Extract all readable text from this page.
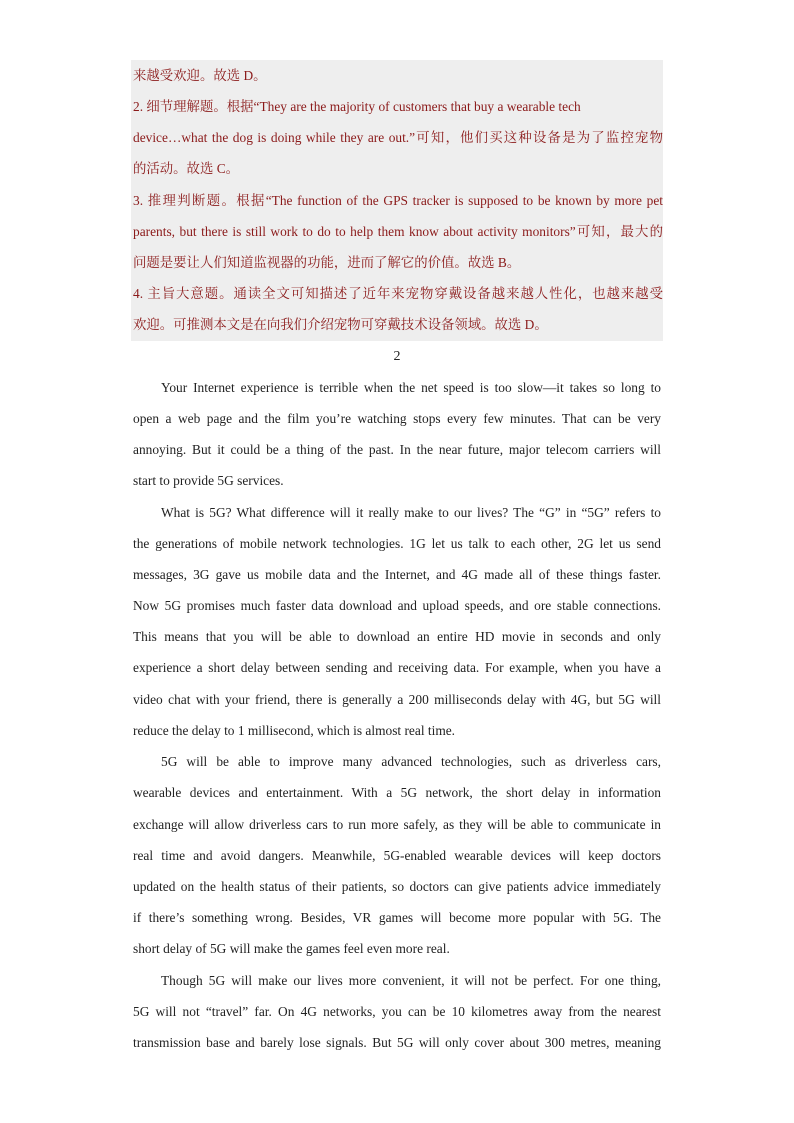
来越受欢迎。故选 D。
2. 细节理解题。根据“They are the majority of customers that buy a wearable tech
device…what the dog is doing while they are out.”可知，他们买这种设备是为了监控宠物
的活动。故选 C。
3. 推理判断题。根据“The function of the GPS tracker is supposed to be known by more pet
parents, but there is still work to do to help them know about activity monitors”可知，最大的
问题是要让人们知道监视器的功能，进而了解它的价值。故选 B。
4. 主旨大意题。通读全文可知描述了近年来宠物穿戴设备越来越人性化，也越来越受
欢迎。可推测本文是在向我们介绍宠物可穿戴技术设备领域。故选 D。
2
Your Internet experience is terrible when the net speed is too slow—it takes so long to
open a web page and the film you’re watching stops every few minutes. That can be very
annoying. But it could be a thing of the past. In the near future, major telecom carriers will
start to provide 5G services.
What is 5G? What difference will it really make to our lives? The “G” in “5G” refers to
the generations of mobile network technologies. 1G let us talk to each other, 2G let us send
messages, 3G gave us mobile data and the Internet, and 4G made all of these things faster.
Now 5G promises much faster data download and upload speeds, and ore stable connections.
This means that you will be able to download an entire HD movie in seconds and only
experience a short delay between sending and receiving data. For example, when you have a
video chat with your friend, there is generally a 200 milliseconds delay with 4G, but 5G will
reduce the delay to 1 millisecond, which is almost real time.
5G will be able to improve many advanced technologies, such as driverless cars,
wearable devices and entertainment. With a 5G network, the short delay in information
exchange will allow driverless cars to run more safely, as they will be able to communicate in
real time and avoid dangers. Meanwhile, 5G-enabled wearable devices will keep doctors
updated on the health status of their patients, so doctors can give patients advice immediately
if there’s something wrong. Besides, VR games will become more popular with 5G. The
short delay of 5G will make the games feel even more real.
Though 5G will make our lives more convenient, it will not be perfect. For one thing,
5G will not “travel” far. On 4G networks, you can be 10 kilometres away from the nearest
transmission base and barely lose signals. But 5G will only cover about 300 metres, meaning
